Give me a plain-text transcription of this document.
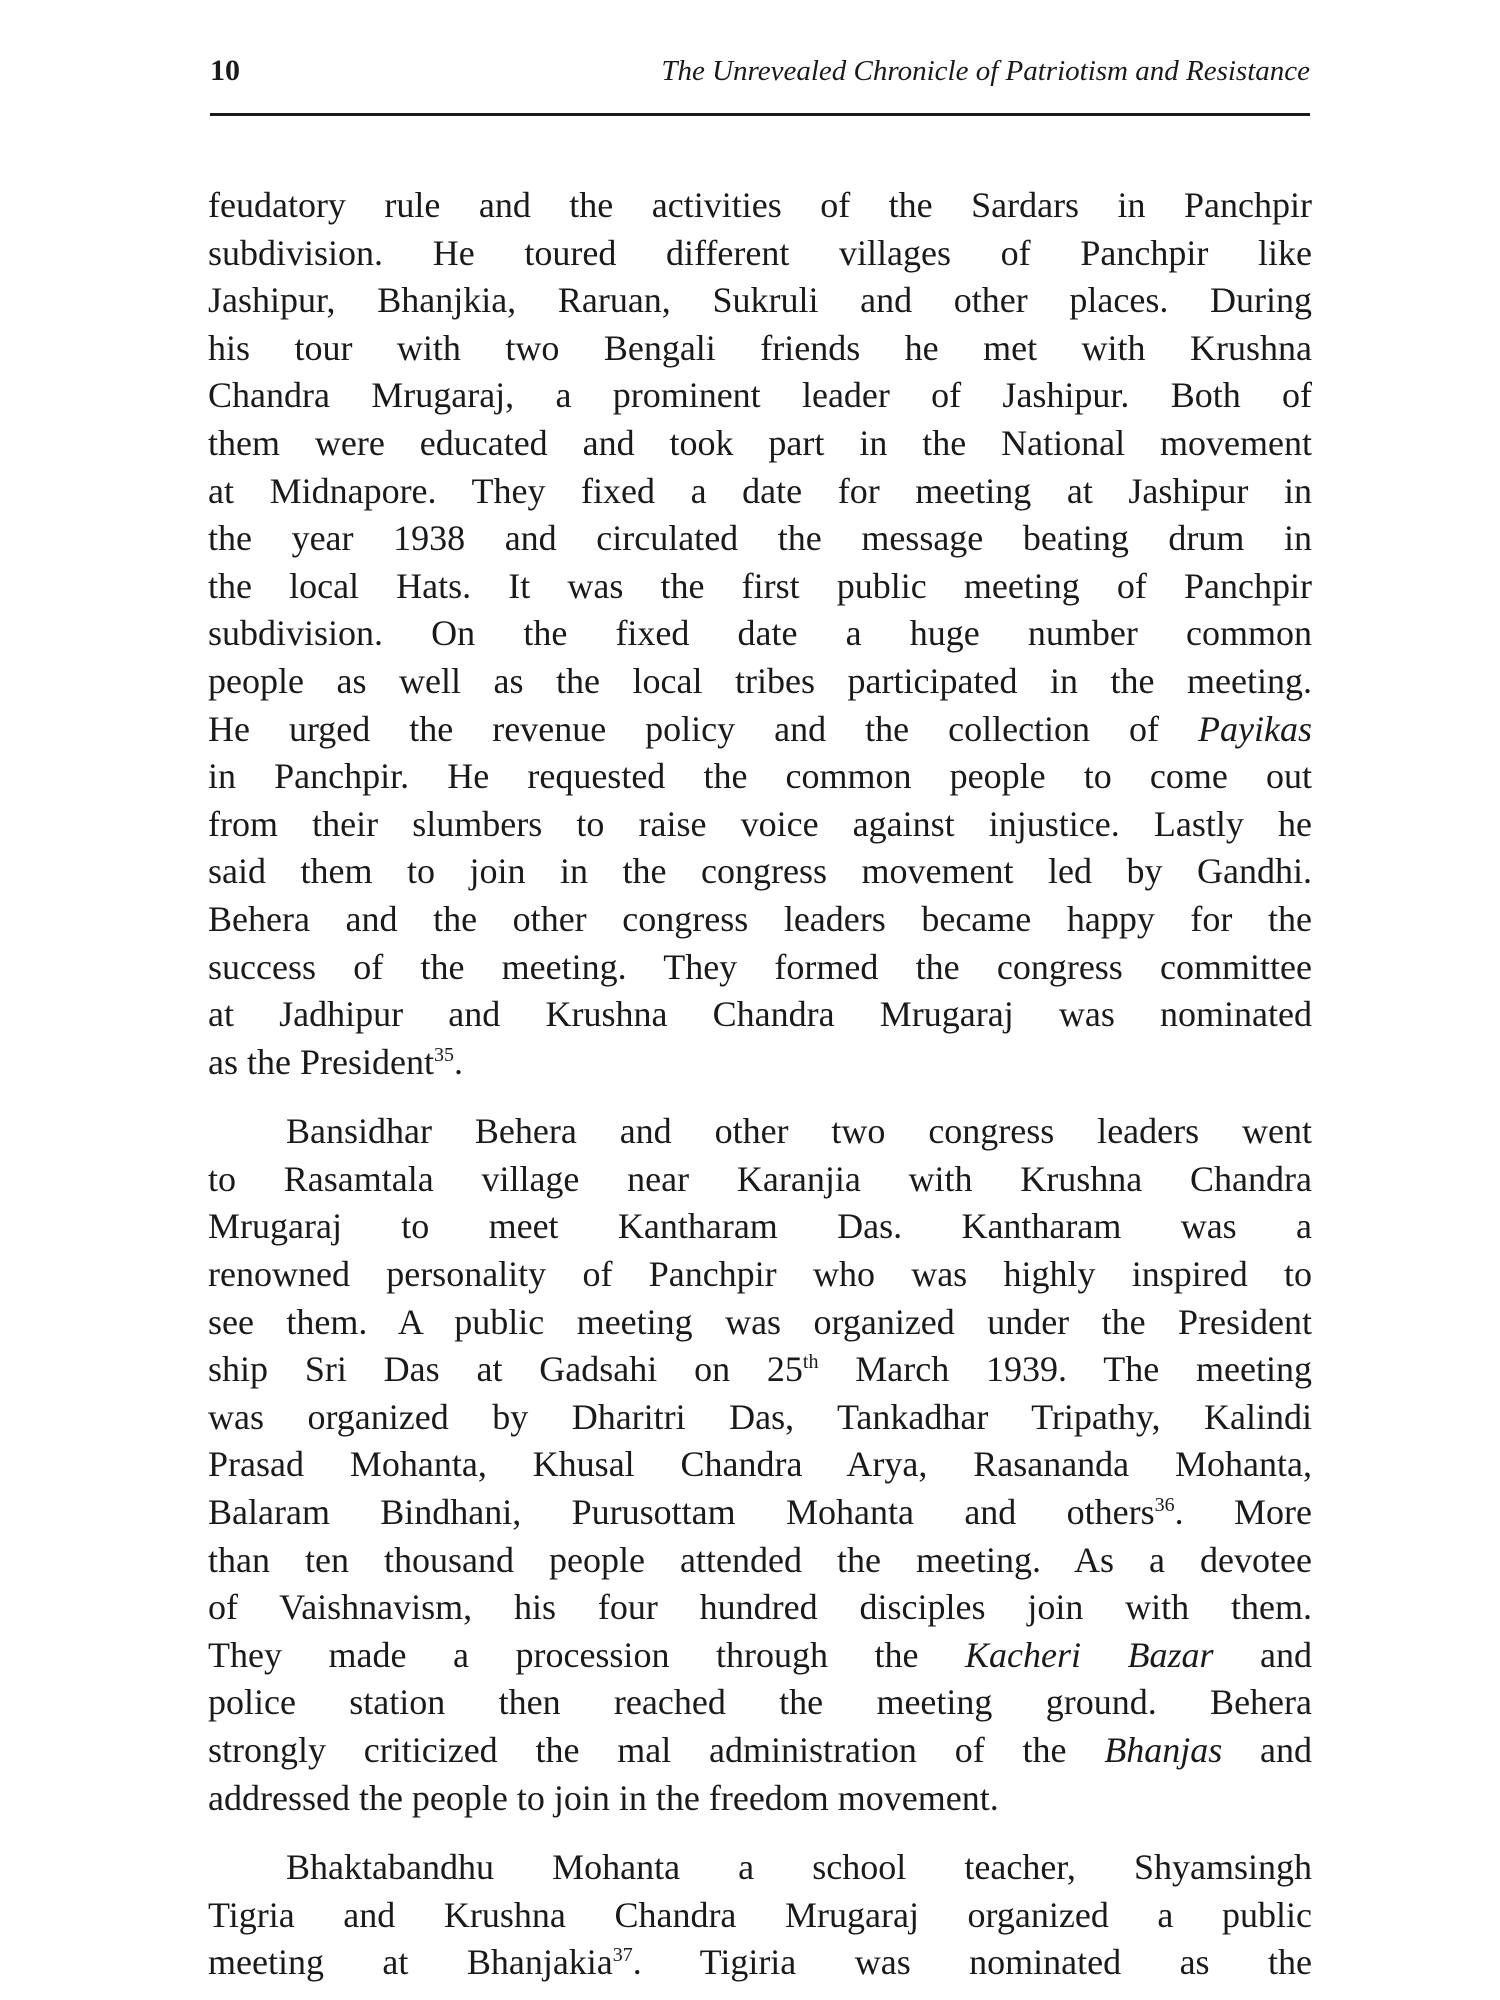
10	The Unrevealed Chronicle of Patriotism and Resistance
feudatory rule and the activities of the Sardars in Panchpir
subdivision. He toured different villages of Panchpir like
Jashipur, Bhanjkia, Raruan, Sukruli and other places. During
his tour with two Bengali friends he met with Krushna
Chandra Mrugaraj, a prominent leader of Jashipur. Both of
them were educated and took part in the National movement
at Midnapore. They fixed a date for meeting at Jashipur in
the year 1938 and circulated the message beating drum in
the local Hats. It was the first public meeting of Panchpir
subdivision. On the fixed date a huge number common
people as well as the local tribes participated in the meeting.
He urged the revenue policy and the collection of Payikas
in Panchpir. He requested the common people to come out
from their slumbers to raise voice against injustice. Lastly he
said them to join in the congress movement led by Gandhi.
Behera and the other congress leaders became happy for the
success of the meeting. They formed the congress committee
at Jadhipur and Krushna Chandra Mrugaraj was nominated
as the President$^{35}$.
Bansidhar Behera and other two congress leaders went
to Rasamtala village near Karanjia with Krushna Chandra
Mrugaraj to meet Kantharam Das. Kantharam was a
renowned personality of Panchpir who was highly inspired to
see them. A public meeting was organized under the President
ship Sri Das at Gadsahi on 25th March 1939. The meeting
was organized by Dharitri Das, Tankadhar Tripathy, Kalindi
Prasad Mohanta, Khusal Chandra Arya, Rasananda Mohanta,
Balaram Bindhani, Purusottam Mohanta and others$^{36}$. More
than ten thousand people attended the meeting. As a devotee
of Vaishnavism, his four hundred disciples join with them.
They made a procession through the Kacheri Bazar and
police station then reached the meeting ground. Behera
strongly criticized the mal administration of the Bhanjas and
addressed the people to join in the freedom movement.
Bhaktabandhu Mohanta a school teacher, Shyamsingh
Tigria and Krushna Chandra Mrugaraj organized a public
meeting at Bhanjakia$^{37}$. Tigiria was nominated as the
